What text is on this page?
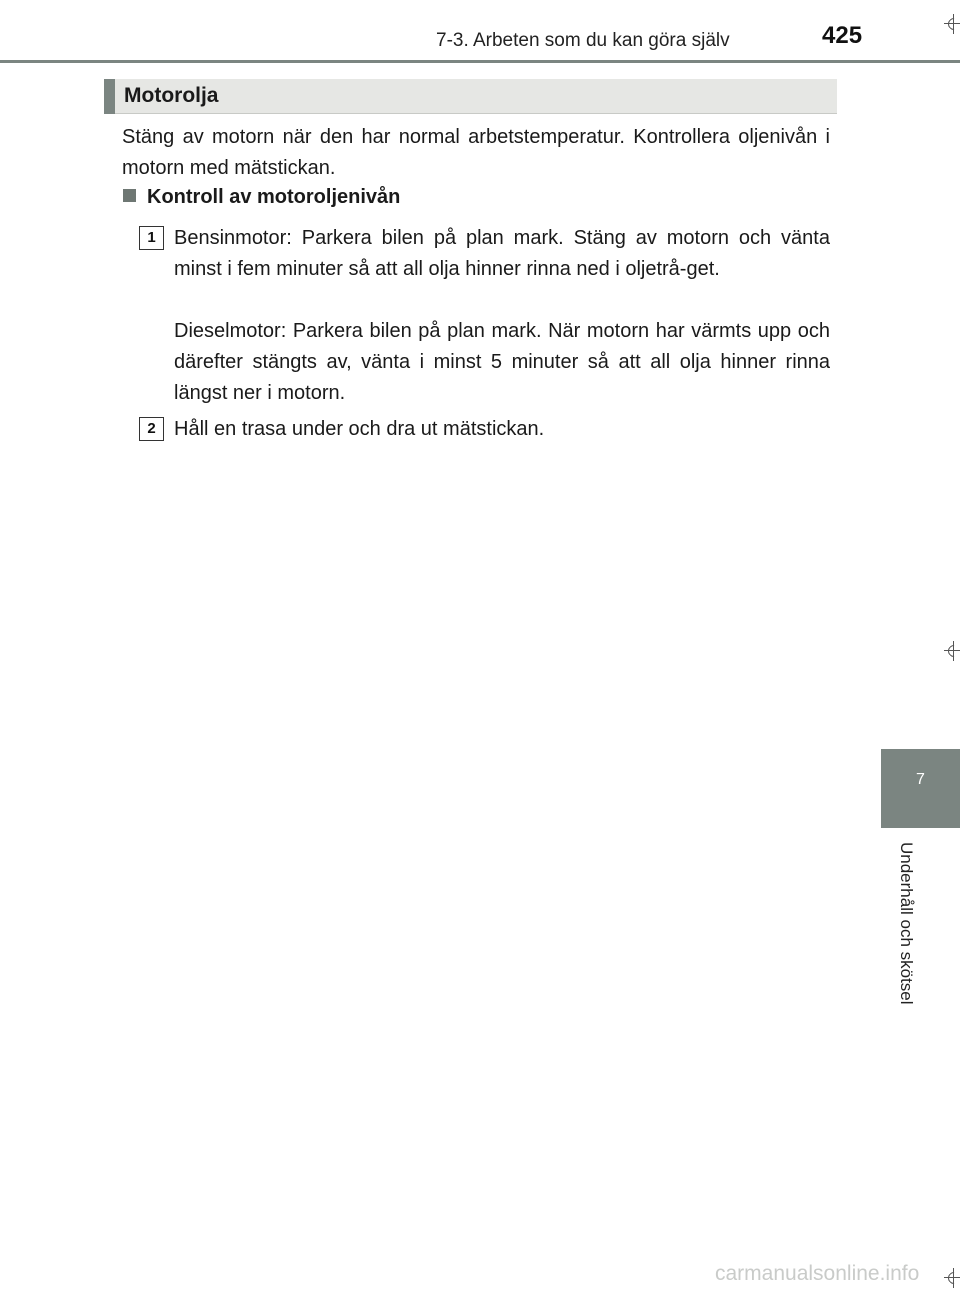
7-3. Arbeten som du kan göra själv	425
7
Underhåll och skötsel
Motorolja
Stäng av motorn när den har normal arbetstemperatur. Kontrollera oljenivån i motorn med mätstickan.
Kontroll av motoroljenivån
1 Bensinmotor: Parkera bilen på plan mark. Stäng av motorn och vänta minst i fem minuter så att all olja hinner rinna ned i oljetrå-get.
Dieselmotor: Parkera bilen på plan mark. När motorn har värmts upp och därefter stängts av, vänta i minst 5 minuter så att all olja hinner rinna längst ner i motorn.
2 Håll en trasa under och dra ut mätstickan.
carmanualsonline.info
